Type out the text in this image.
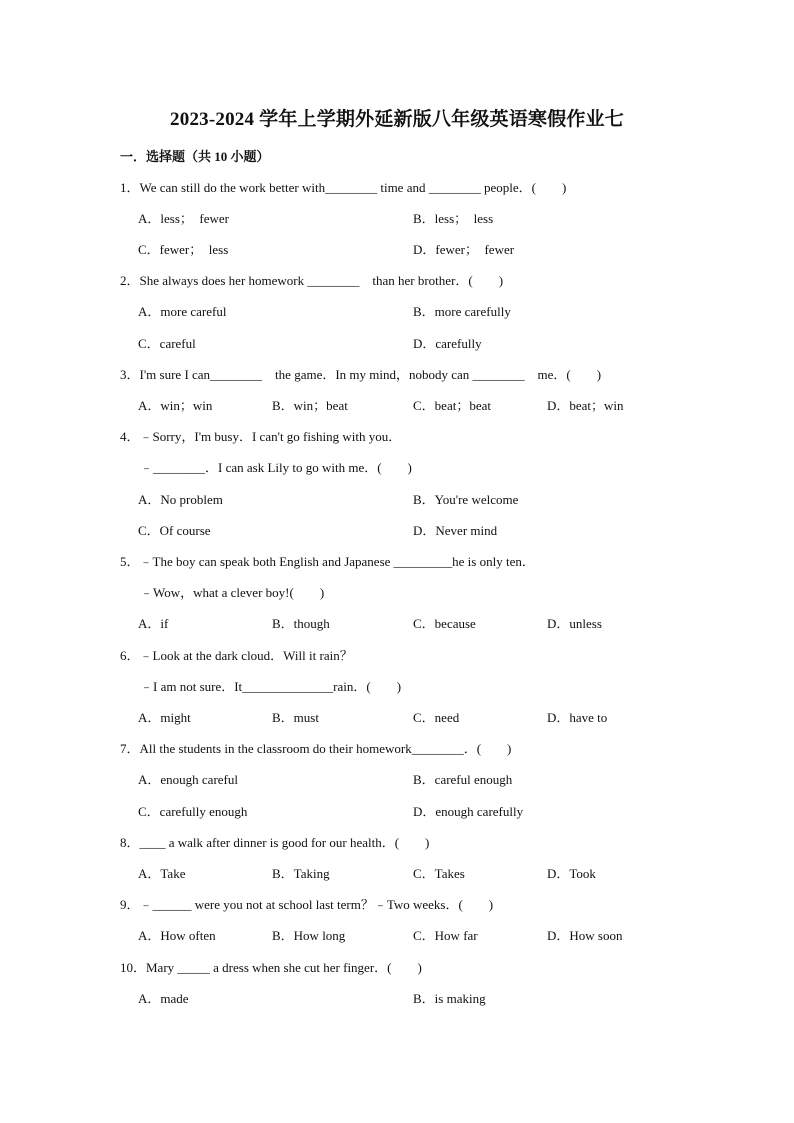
2023-2024 学年上学期外延新版八年级英语寒假作业七
一．选择题（共 10 小题）
1．We can still do the work better with________ time and ________ people．(        )
A．less；  fewer	B．less；  less
C．fewer；  less	D．fewer；  fewer
2．She always does her homework ________    than her brother．(        )
A．more careful	B．more carefully
C．careful	D．carefully
3．I'm sure I can________    the game．In my mind，nobody can ________    me．(        )
A．win；win	B．win；beat	C．beat；beat	D．beat；win
4．﹣Sorry，I'm busy．I can't go fishing with you．
﹣________．I can ask Lily to go with me．(        )
A．No problem	B．You're welcome
C．Of course	D．Never mind
5．﹣The boy can speak both English and Japanese _________he is only ten．
﹣Wow，what a clever boy!(        )
A．if	B．though	C．because	D．unless
6．﹣Look at the dark cloud．Will it rain？
﹣I am not sure．It______________rain．(        )
A．might	B．must	C．need	D．have to
7．All the students in the classroom do their homework________．(        )
A．enough careful	B．careful enough
C．carefully enough	D．enough carefully
8．____ a walk after dinner is good for our health．(        )
A．Take	B．Taking	C．Takes	D．Took
9．﹣______ were you not at school last term？﹣Two weeks．(        )
A．How often	B．How long	C．How far	D．How soon
10．Mary _____ a dress when she cut her finger．(        )
A．made	B．is making
